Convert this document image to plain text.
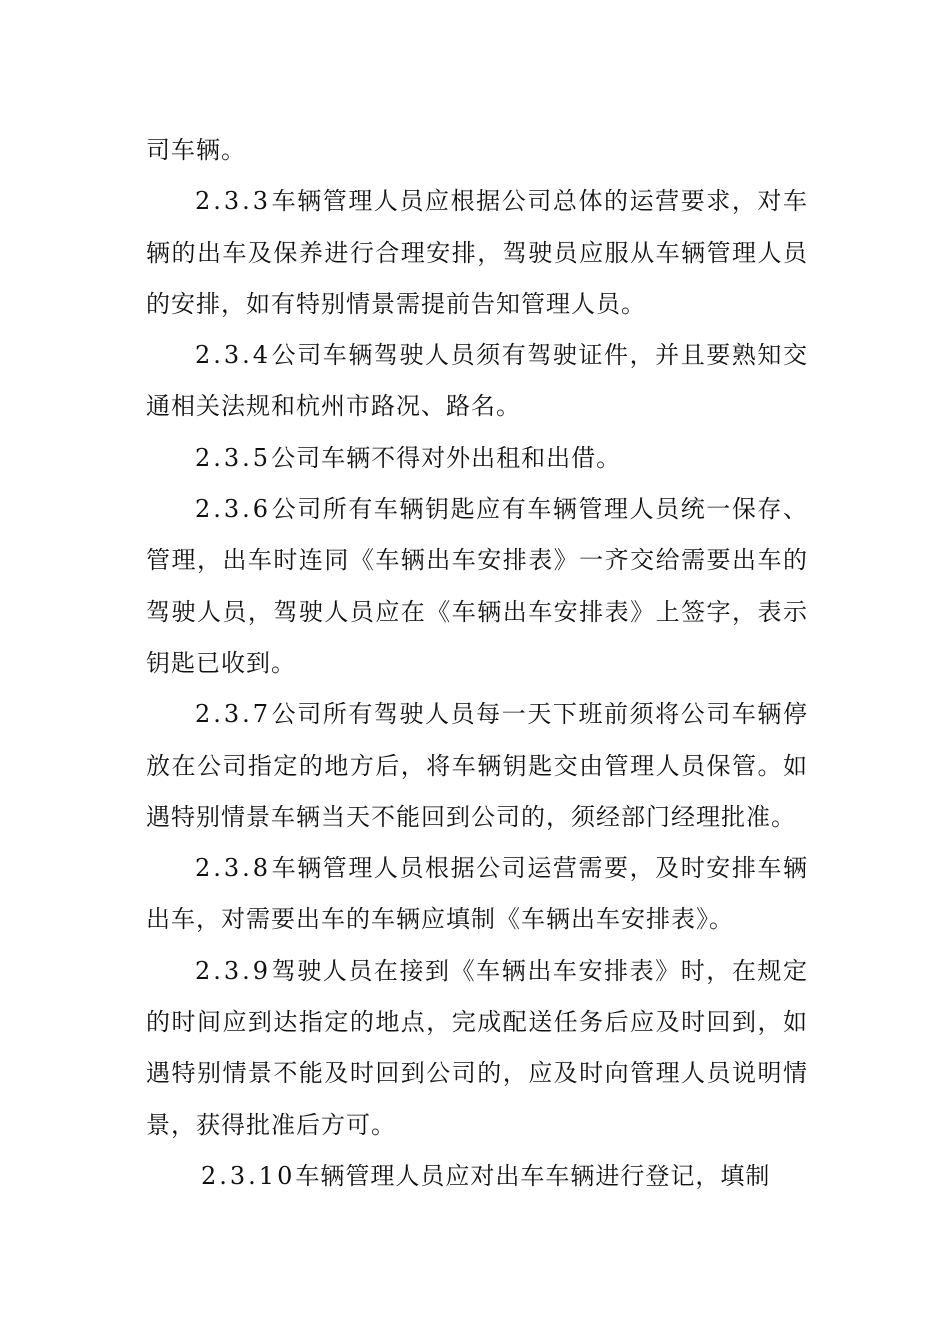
司车辆。

2.3.3车辆管理人员应根据公司总体的运营要求，对车辆的出车及保养进行合理安排，驾驶员应服从车辆管理人员的安排，如有特别情景需提前告知管理人员。

2.3.4公司车辆驾驶人员须有驾驶证件，并且要熟知交通相关法规和杭州市路况、路名。

2.3.5公司车辆不得对外出租和出借。

2.3.6公司所有车辆钥匙应有车辆管理人员统一保存、管理，出车时连同《车辆出车安排表》一齐交给需要出车的驾驶人员，驾驶人员应在《车辆出车安排表》上签字，表示钥匙已收到。

2.3.7公司所有驾驶人员每一天下班前须将公司车辆停放在公司指定的地方后，将车辆钥匙交由管理人员保管。如遇特别情景车辆当天不能回到公司的，须经部门经理批准。

2.3.8车辆管理人员根据公司运营需要，及时安排车辆出车，对需要出车的车辆应填制《车辆出车安排表》。

2.3.9驾驶人员在接到《车辆出车安排表》时，在规定的时间应到达指定的地点，完成配送任务后应及时回到，如遇特别情景不能及时回到公司的，应及时向管理人员说明情景，获得批准后方可。

2.3.10车辆管理人员应对出车车辆进行登记，填制
